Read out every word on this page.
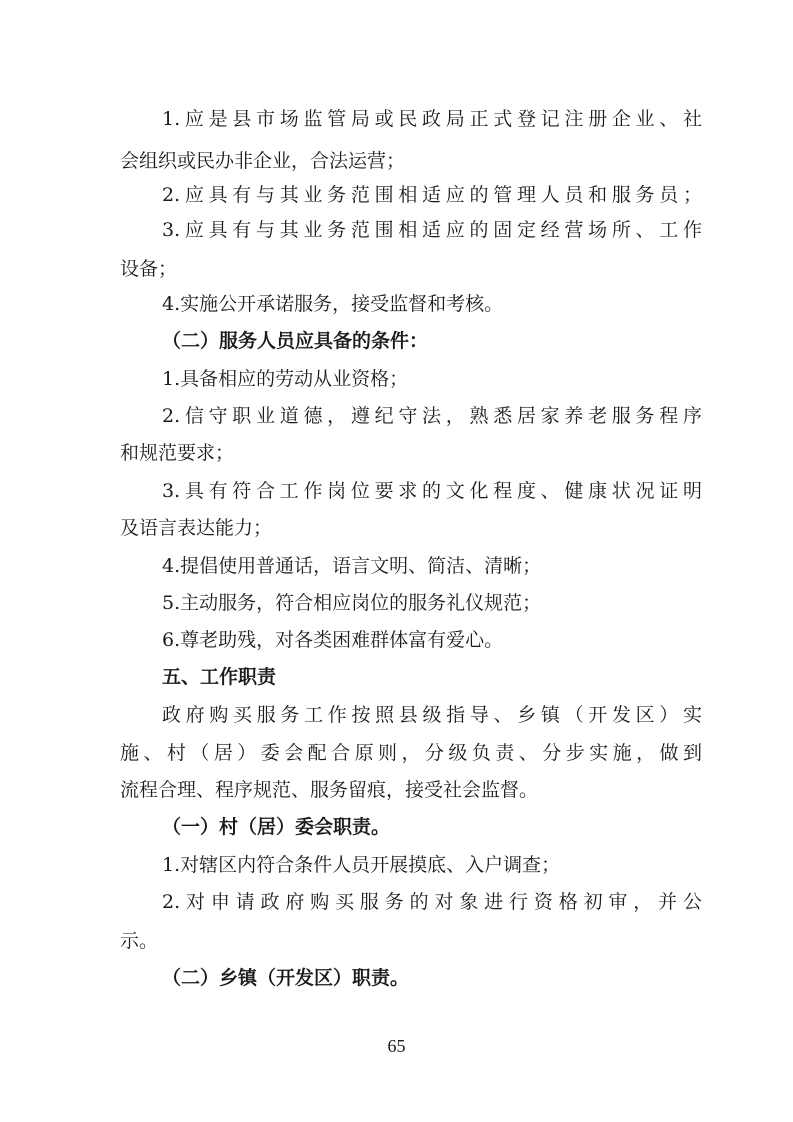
1.应是县市场监管局或民政局正式登记注册企业、社
会组织或民办非企业，合法运营；
2.应具有与其业务范围相适应的管理人员和服务员；
3.应具有与其业务范围相适应的固定经营场所、工作
设备；
4.实施公开承诺服务，接受监督和考核。
（二）服务人员应具备的条件：
1.具备相应的劳动从业资格；
2.信守职业道德，遵纪守法，熟悉居家养老服务程序
和规范要求；
3.具有符合工作岗位要求的文化程度、健康状况证明
及语言表达能力；
4.提倡使用普通话，语言文明、简洁、清晰；
5.主动服务，符合相应岗位的服务礼仪规范；
6.尊老助残，对各类困难群体富有爱心。
五、工作职责
政府购买服务工作按照县级指导、乡镇（开发区）实
施、村（居）委会配合原则，分级负责、分步实施，做到
流程合理、程序规范、服务留痕，接受社会监督。
（一）村（居）委会职责。
1.对辖区内符合条件人员开展摸底、入户调查；
2.对申请政府购买服务的对象进行资格初审，并公
示。
（二）乡镇（开发区）职责。
65
